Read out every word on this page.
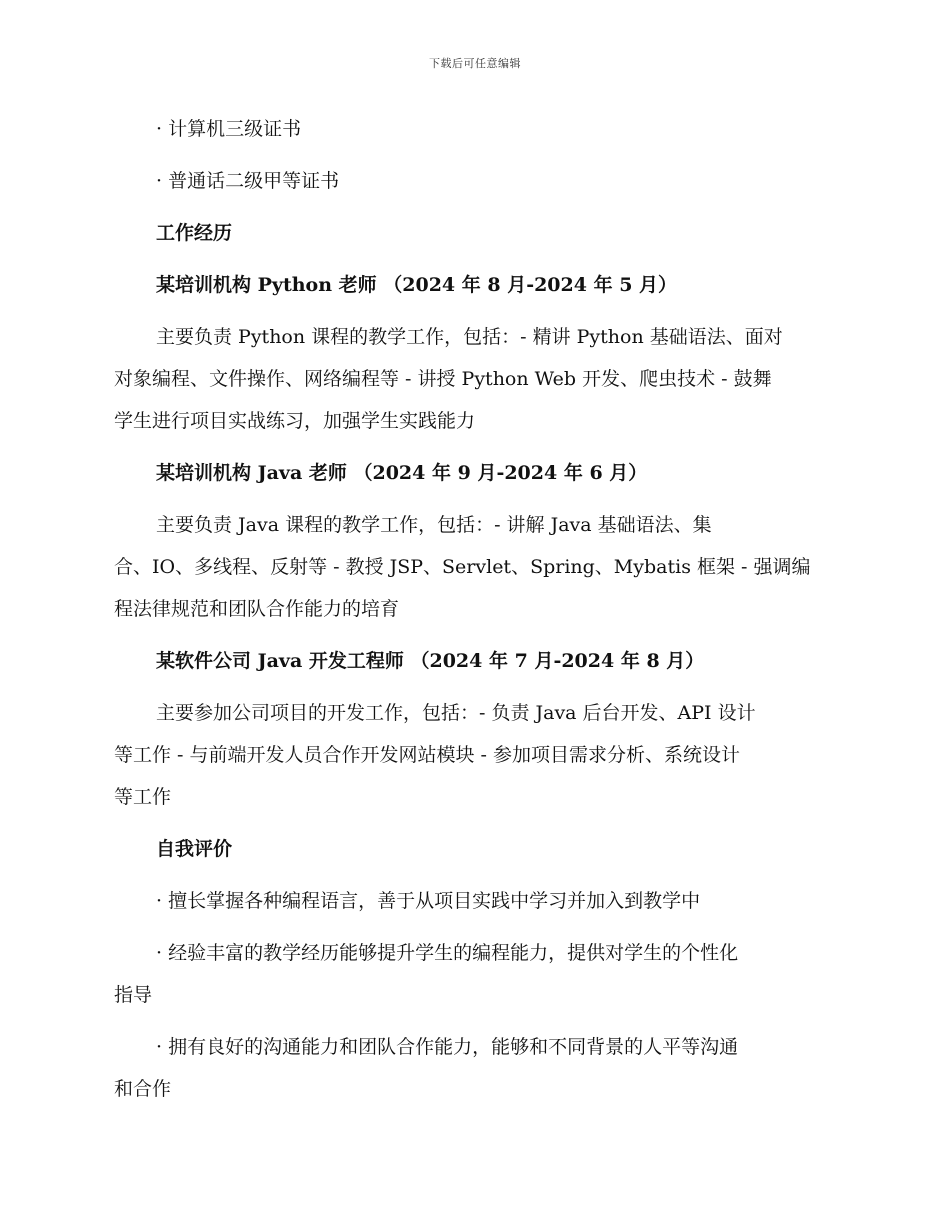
下载后可任意编辑
· 计算机三级证书
· 普通话二级甲等证书
工作经历
某培训机构 Python 老师 （2024 年 8 月-2024 年 5 月）
主要负责 Python 课程的教学工作，包括：- 精讲 Python 基础语法、面对
对象编程、文件操作、网络编程等 - 讲授 Python Web 开发、爬虫技术 - 鼓舞
学生进行项目实战练习，加强学生实践能力
某培训机构 Java 老师 （2024 年 9 月-2024 年 6 月）
主要负责 Java 课程的教学工作，包括：- 讲解 Java 基础语法、集
合、IO、多线程、反射等 - 教授 JSP、Servlet、Spring、Mybatis 框架 - 强调编
程法律规范和团队合作能力的培育
某软件公司 Java 开发工程师 （2024 年 7 月-2024 年 8 月）
主要参加公司项目的开发工作，包括：- 负责 Java 后台开发、API 设计
等工作 - 与前端开发人员合作开发网站模块 - 参加项目需求分析、系统设计
等工作
自我评价
· 擅长掌握各种编程语言，善于从项目实践中学习并加入到教学中
· 经验丰富的教学经历能够提升学生的编程能力，提供对学生的个性化
指导
· 拥有良好的沟通能力和团队合作能力，能够和不同背景的人平等沟通
和合作
